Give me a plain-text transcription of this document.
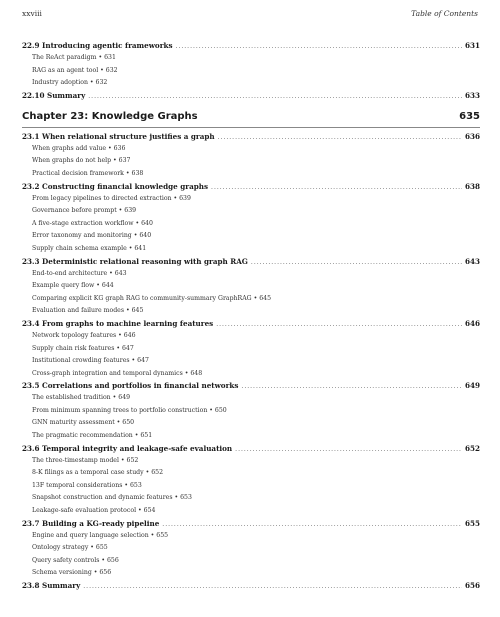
xxviii	Table of Contents
22.9 Introducing agentic frameworks .....	631
The ReAct paradigm • 631
RAG as an agent tool • 632
Industry adoption • 632
22.10 Summary .....	633
Chapter 23: Knowledge Graphs	635
23.1 When relational structure justifies a graph .....	636
When graphs add value • 636
When graphs do not help • 637
Practical decision framework • 638
23.2 Constructing financial knowledge graphs .....	638
From legacy pipelines to directed extraction • 639
Governance before prompt • 639
A five-stage extraction workflow • 640
Error taxonomy and monitoring • 640
Supply chain schema example • 641
23.3 Deterministic relational reasoning with graph RAG .....	643
End-to-end architecture • 643
Example query flow • 644
Comparing explicit KG graph RAG to community-summary GraphRAG • 645
Evaluation and failure modes • 645
23.4 From graphs to machine learning features .....	646
Network topology features • 646
Supply chain risk features • 647
Institutional crowding features • 647
Cross-graph integration and temporal dynamics • 648
23.5 Correlations and portfolios in financial networks .....	649
The established tradition • 649
From minimum spanning trees to portfolio construction • 650
GNN maturity assessment • 650
The pragmatic recommendation • 651
23.6 Temporal integrity and leakage-safe evaluation .....	652
The three-timestamp model • 652
8-K filings as a temporal case study • 652
13F temporal considerations • 653
Snapshot construction and dynamic features • 653
Leakage-safe evaluation protocol • 654
23.7 Building a KG-ready pipeline .....	655
Engine and query language selection • 655
Ontology strategy • 655
Query safety controls • 656
Schema versioning • 656
23.8 Summary .....	656
